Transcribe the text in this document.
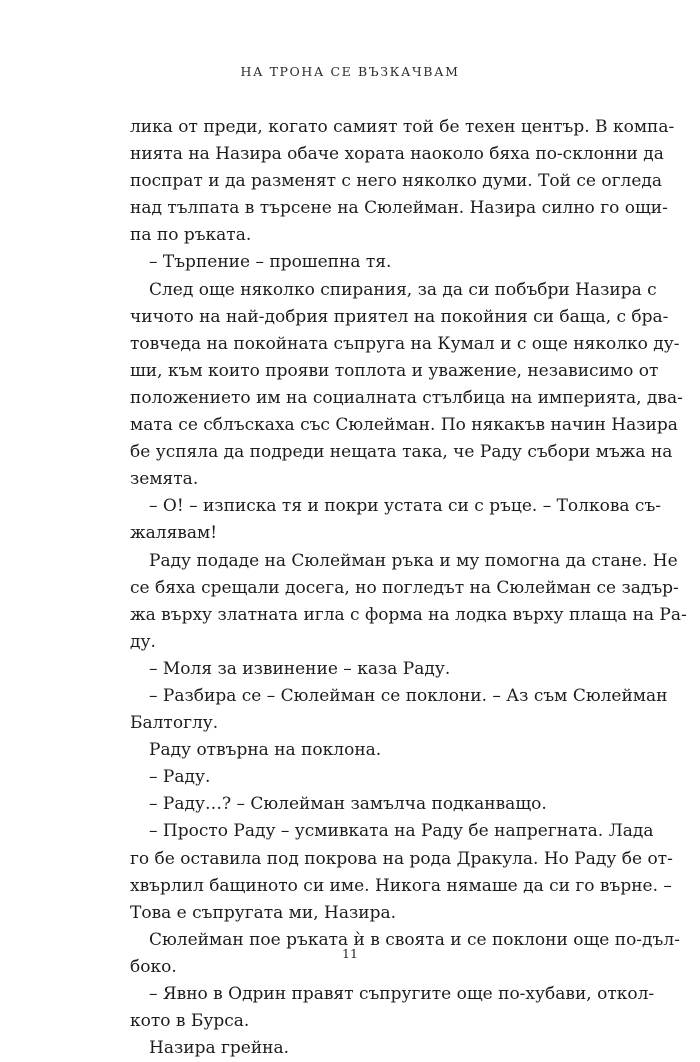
НА ТРОНА СЕ ВЪЗКАЧВАМ
лика от преди, когато самият той бе техен център. В компа-
нията на Назира обаче хората наоколо бяха по-склонни да
поспрат и да разменят с него няколко думи. Той се огледа
над тълпата в търсене на Сюлейман. Назира силно го ощи-
па по ръката.
– Търпение – прошепна тя.
След още няколко спирания, за да си побъбри Назира с
чичото на най-добрия приятел на покойния си баща, с бра-
товчеда на покойната съпруга на Кумал и с още няколко ду-
ши, към които прояви топлота и уважение, независимо от
положението им на социалната стълбица на империята, два-
мата се сблъскаха със Сюлейман. По някакъв начин Назира
бе успяла да подреди нещата така, че Раду събори мъжа на
земята.
– О! – изписка тя и покри устата си с ръце. – Толкова съ-
жалявам!
Раду подаде на Сюлейман ръка и му помогна да стане. Не
се бяха срещали досега, но погледът на Сюлейман се задър-
жа върху златната игла с форма на лодка върху плаща на Ра-
ду.
– Моля за извинение – каза Раду.
– Разбира се – Сюлейман се поклони. – Аз съм Сюлейман
Балтоглу.
Раду отвърна на поклона.
– Раду.
– Раду…? – Сюлейман замълча подканващо.
– Просто Раду – усмивката на Раду бе напрегната. Лада
го бе оставила под покрова на рода Дракула. Но Раду бе от-
хвърлил бащиното си име. Никога нямаше да си го върне. –
Това е съпругата ми, Назира.
Сюлейман пое ръката ѝ в своята и се поклони още по-дъл-
боко.
– Явно в Одрин правят съпругите още по-хубави, откол-
кото в Бурса.
Назира грейна.
11
